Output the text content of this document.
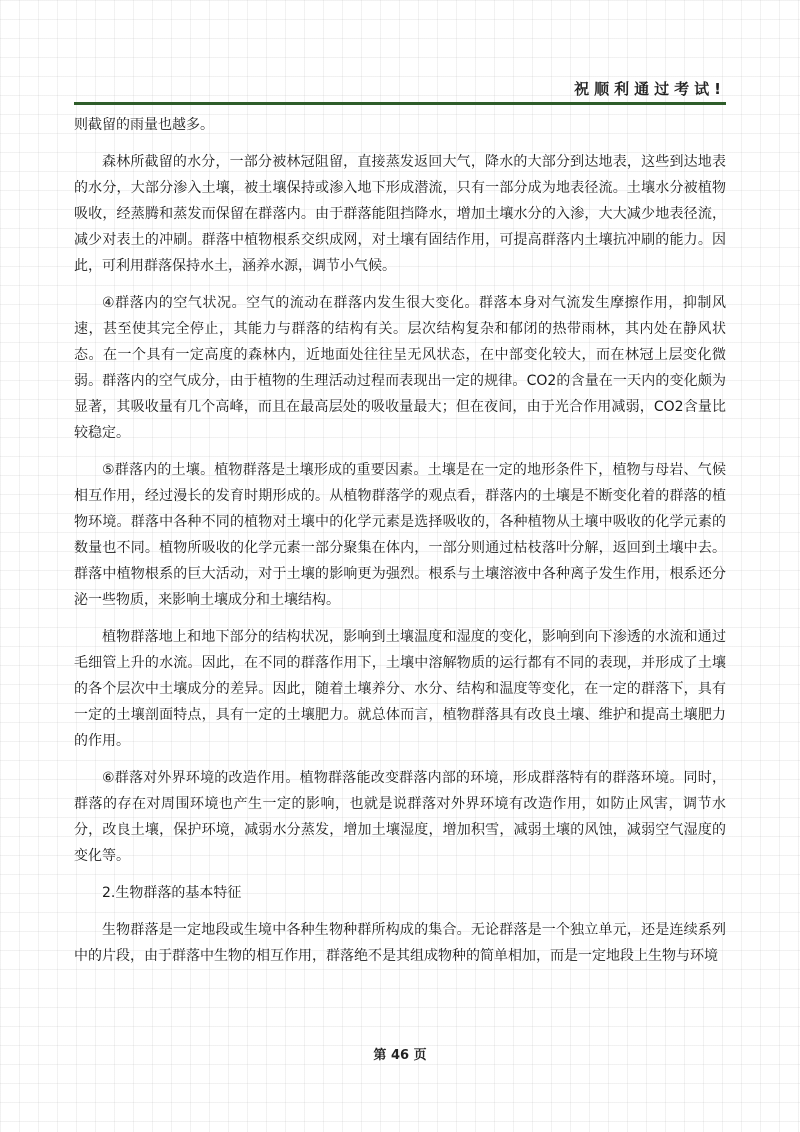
祝顺利通过考试!

则截留的雨量也越多。

森林所截留的水分，一部分被林冠阻留，直接蒸发返回大气，降水的大部分到达地表，这些到达地表的水分，大部分渗入土壤，被土壤保持或渗入地下形成潜流，只有一部分成为地表径流。土壤水分被植物吸收，经蒸腾和蒸发而保留在群落内。由于群落能阻挡降水，增加土壤水分的入渗，大大减少地表径流，减少对表土的冲刷。群落中植物根系交织成网，对土壤有固结作用，可提高群落内土壤抗冲刷的能力。因此，可利用群落保持水土，涵养水源，调节小气候。

④群落内的空气状况。空气的流动在群落内发生很大变化。群落本身对气流发生摩擦作用，抑制风速，甚至使其完全停止，其能力与群落的结构有关。层次结构复杂和郁闭的热带雨林，其内处在静风状态。在一个具有一定高度的森林内，近地面处往往呈无风状态，在中部变化较大，而在林冠上层变化微弱。群落内的空气成分，由于植物的生理活动过程而表现出一定的规律。CO2的含量在一天内的变化颇为显著，其吸收量有几个高峰，而且在最高层处的吸收量最大；但在夜间，由于光合作用减弱，CO2含量比较稳定。

⑤群落内的土壤。植物群落是土壤形成的重要因素。土壤是在一定的地形条件下，植物与母岩、气候相互作用，经过漫长的发育时期形成的。从植物群落学的观点看，群落内的土壤是不断变化着的群落的植物环境。群落中各种不同的植物对土壤中的化学元素是选择吸收的，各种植物从土壤中吸收的化学元素的数量也不同。植物所吸收的化学元素一部分聚集在体内，一部分则通过枯枝落叶分解，返回到土壤中去。群落中植物根系的巨大活动，对于土壤的影响更为强烈。根系与土壤溶液中各种离子发生作用，根系还分泌一些物质，来影响土壤成分和土壤结构。

植物群落地上和地下部分的结构状况，影响到土壤温度和湿度的变化，影响到向下渗透的水流和通过毛细管上升的水流。因此，在不同的群落作用下，土壤中溶解物质的运行都有不同的表现，并形成了土壤的各个层次中土壤成分的差异。因此，随着土壤养分、水分、结构和温度等变化，在一定的群落下，具有一定的土壤剖面特点，具有一定的土壤肥力。就总体而言，植物群落具有改良土壤、维护和提高土壤肥力的作用。

⑥群落对外界环境的改造作用。植物群落能改变群落内部的环境，形成群落特有的群落环境。同时，群落的存在对周围环境也产生一定的影响，也就是说群落对外界环境有改造作用，如防止风害，调节水分，改良土壤，保护环境，减弱水分蒸发，增加土壤湿度，增加积雪，减弱土壤的风蚀，减弱空气湿度的变化等。

2.生物群落的基本特征

生物群落是一定地段或生境中各种生物种群所构成的集合。无论群落是一个独立单元，还是连续系列中的片段，由于群落中生物的相互作用，群落绝不是其组成物种的简单相加，而是一定地段上生物与环境

第 46 页
